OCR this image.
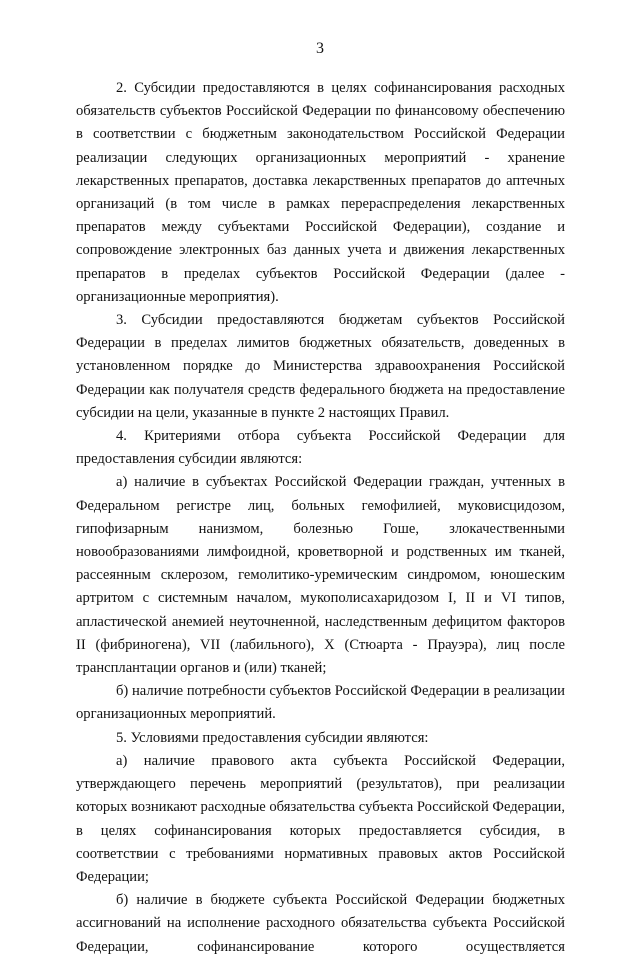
3

2. Субсидии предоставляются в целях софинансирования расходных обязательств субъектов Российской Федерации по финансовому обеспечению в соответствии с бюджетным законодательством Российской Федерации реализации следующих организационных мероприятий - хранение лекарственных препаратов, доставка лекарственных препаратов до аптечных организаций (в том числе в рамках перераспределения лекарственных препаратов между субъектами Российской Федерации), создание и сопровождение электронных баз данных учета и движения лекарственных препаратов в пределах субъектов Российской Федерации (далее - организационные мероприятия).

3. Субсидии предоставляются бюджетам субъектов Российской Федерации в пределах лимитов бюджетных обязательств, доведенных в установленном порядке до Министерства здравоохранения Российской Федерации как получателя средств федерального бюджета на предоставление субсидии на цели, указанные в пункте 2 настоящих Правил.

4. Критериями отбора субъекта Российской Федерации для предоставления субсидии являются:

а) наличие в субъектах Российской Федерации граждан, учтенных в Федеральном регистре лиц, больных гемофилией, муковисцидозом, гипофизарным нанизмом, болезнью Гоше, злокачественными новообразованиями лимфоидной, кроветворной и родственных им тканей, рассеянным склерозом, гемолитико-уремическим синдромом, юношеским артритом с системным началом, мукополисахаридозом I, II и VI типов, апластической анемией неуточненной, наследственным дефицитом факторов II (фибриногена), VII (лабильного), X (Стюарта - Прауэра), лиц после трансплантации органов и (или) тканей;

б) наличие потребности субъектов Российской Федерации в реализации организационных мероприятий.

5. Условиями предоставления субсидии являются:

а) наличие правового акта субъекта Российской Федерации, утверждающего перечень мероприятий (результатов), при реализации которых возникают расходные обязательства субъекта Российской Федерации, в целях софинансирования которых предоставляется субсидия, в соответствии с требованиями нормативных правовых актов Российской Федерации;

б) наличие в бюджете субъекта Российской Федерации бюджетных ассигнований на исполнение расходного обязательства субъекта Российской Федерации, софинансирование которого осуществляется
